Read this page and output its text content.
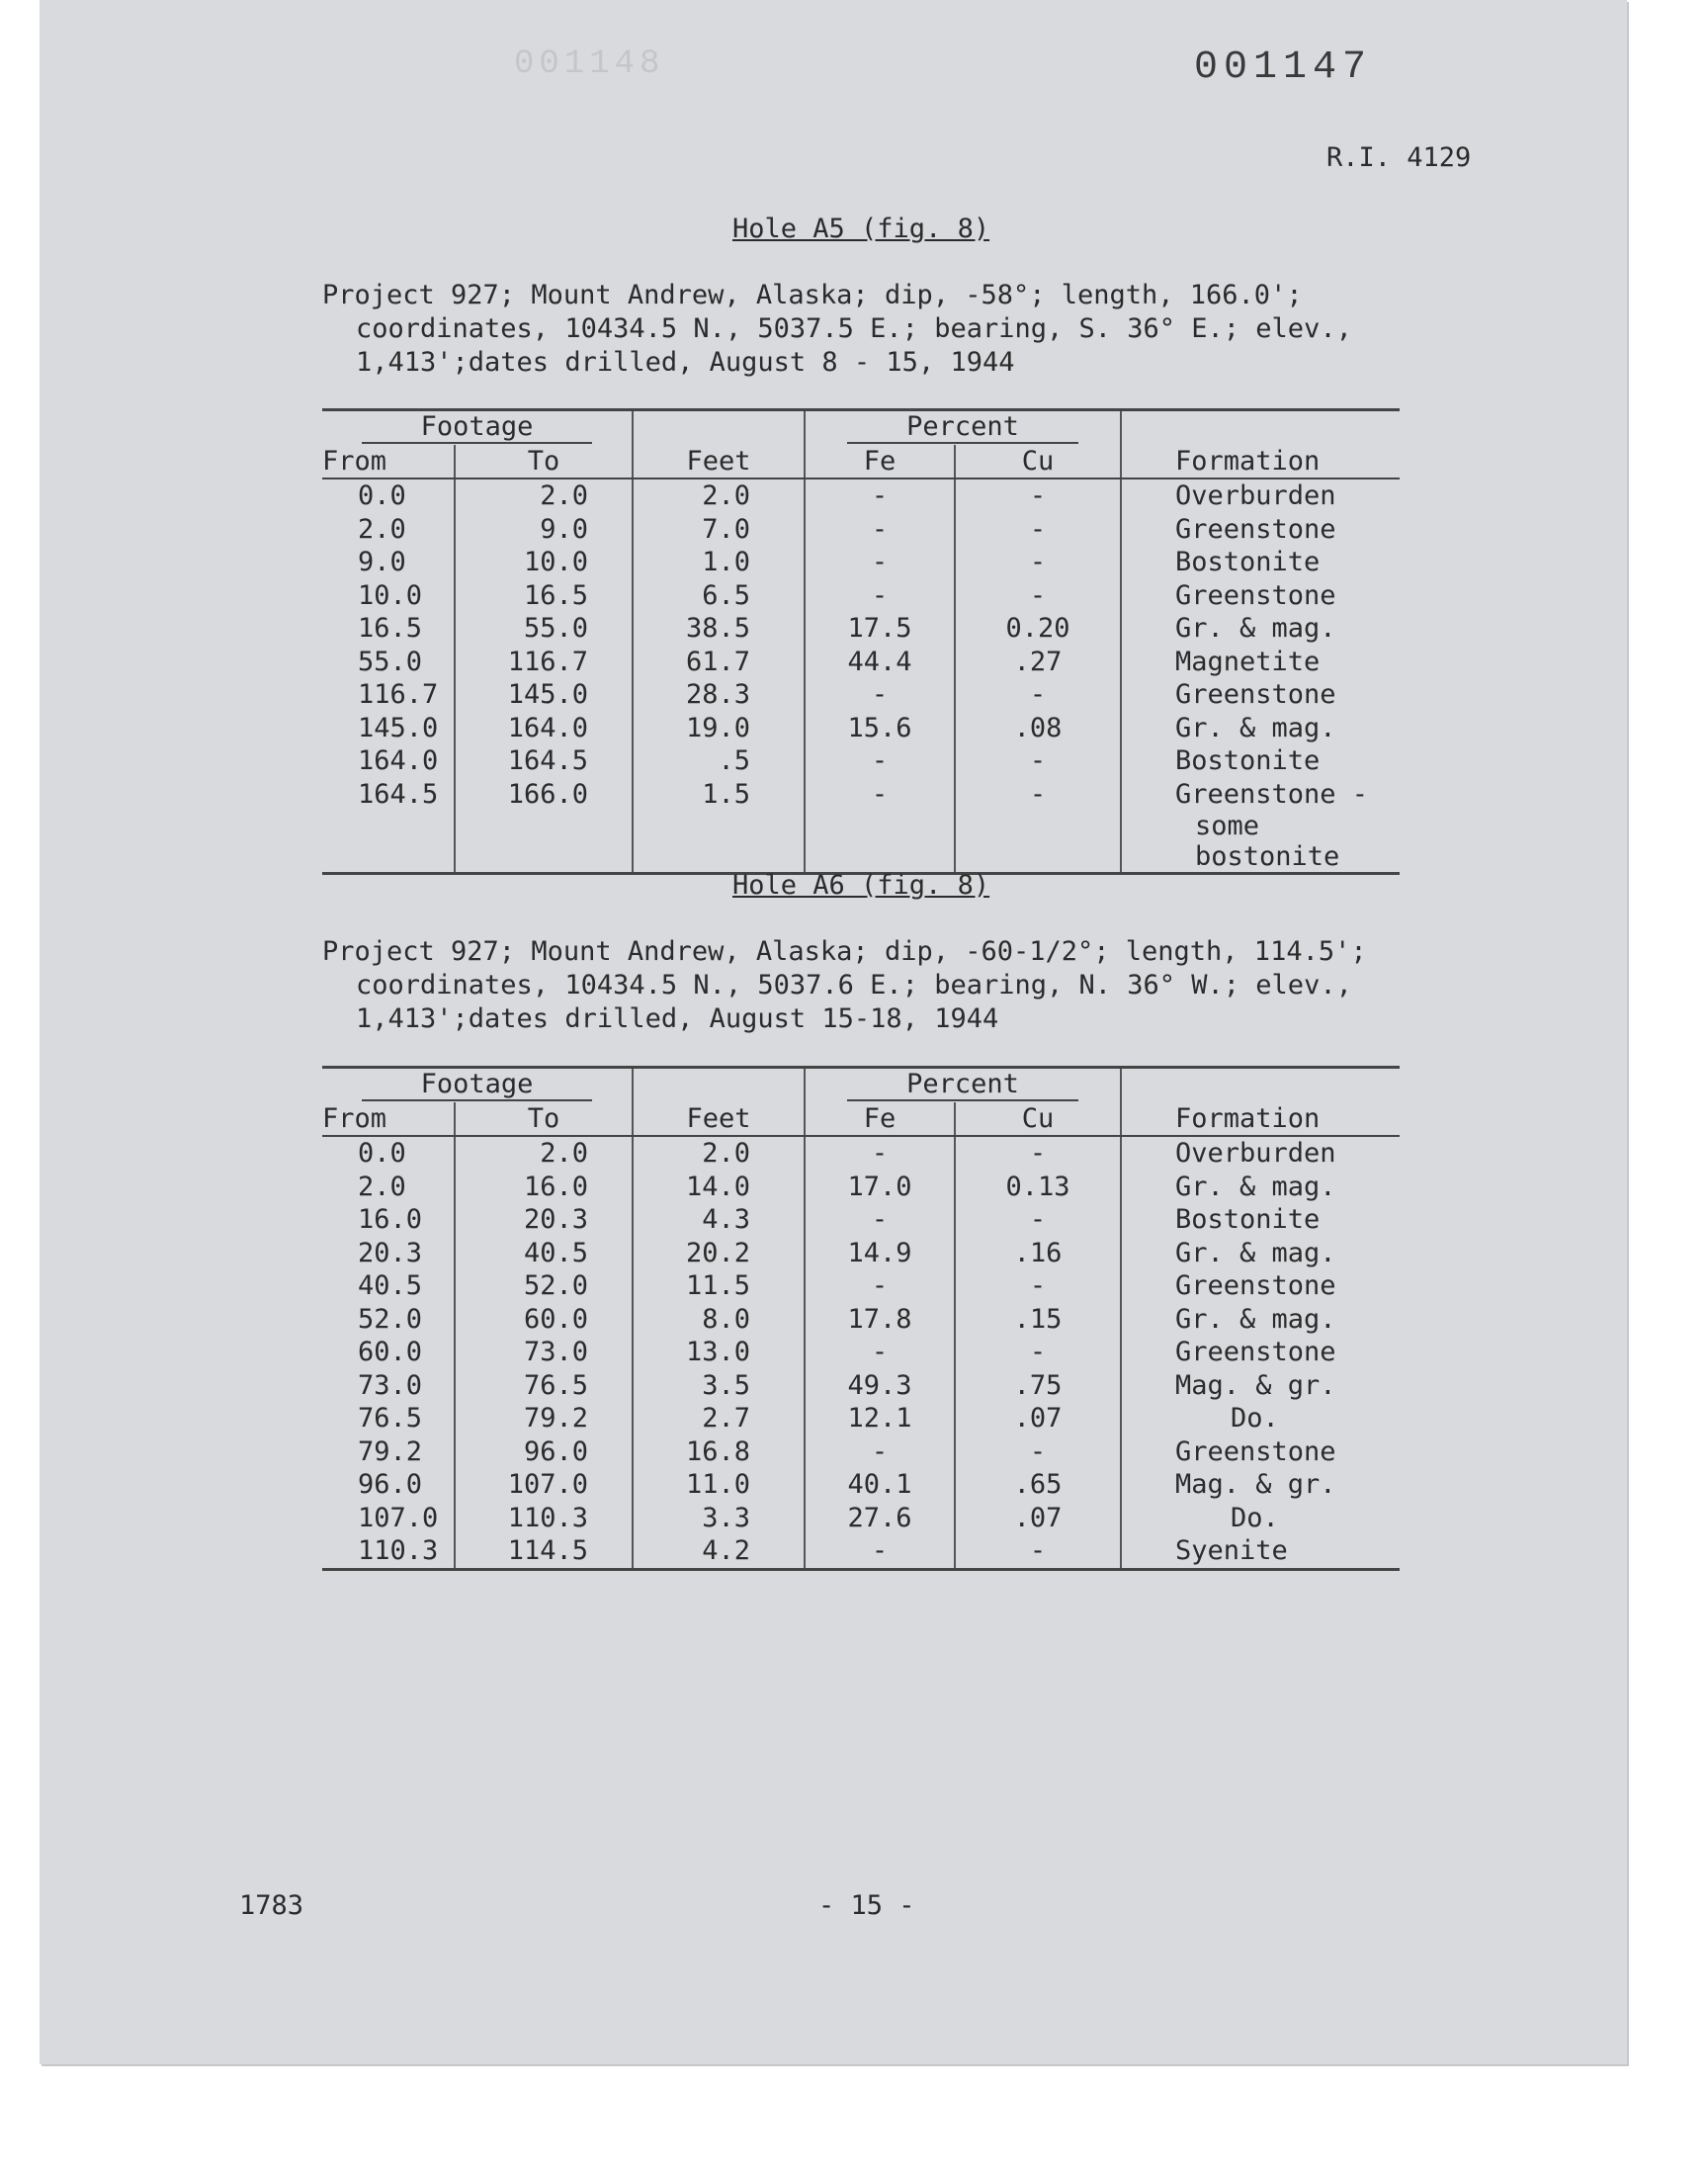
001148	001147
R.I. 4129
Hole A5 (fig. 8)
Project 927; Mount Andrew, Alaska; dip, -58°; length, 166.0';
coordinates, 10434.5 N., 5037.5 E.; bearing, S. 36° E.; elev.,
1,413';dates drilled, August 8 - 15, 1944
Footage			Percent		
From	To	Feet	Fe	Cu	Formation
0.0	2.0	2.0	-	-	Overburden
2.0	9.0	7.0	-	-	Greenstone
9.0	10.0	1.0	-	-	Bostonite
10.0	16.5	6.5	-	-	Greenstone
16.5	55.0	38.5	17.5	0.20	Gr. & mag.
55.0	116.7	61.7	44.4	.27	Magnetite
116.7	145.0	28.3	-	-	Greenstone
145.0	164.0	19.0	15.6	.08	Gr. & mag.
164.0	164.5	.5	-	-	Bostonite
164.5	166.0	1.5	-	-	Greenstone -
					some bostonite
Hole A6 (fig. 8)
Project 927; Mount Andrew, Alaska; dip, -60-1/2°; length, 114.5';
coordinates, 10434.5 N., 5037.6 E.; bearing, N. 36° W.; elev.,
1,413';dates drilled, August 15-18, 1944
Footage			Percent		
From	To	Feet	Fe	Cu	Formation
0.0	2.0	2.0	-	-	Overburden
2.0	16.0	14.0	17.0	0.13	Gr. & mag.
16.0	20.3	4.3	-	-	Bostonite
20.3	40.5	20.2	14.9	.16	Gr. & mag.
40.5	52.0	11.5	-	-	Greenstone
52.0	60.0	8.0	17.8	.15	Gr. & mag.
60.0	73.0	13.0	-	-	Greenstone
73.0	76.5	3.5	49.3	.75	Mag. & gr.
76.5	79.2	2.7	12.1	.07	Do.
79.2	96.0	16.8	-	-	Greenstone
96.0	107.0	11.0	40.1	.65	Mag. & gr.
107.0	110.3	3.3	27.6	.07	Do.
110.3	114.5	4.2	-	-	Syenite
1783	- 15 -
